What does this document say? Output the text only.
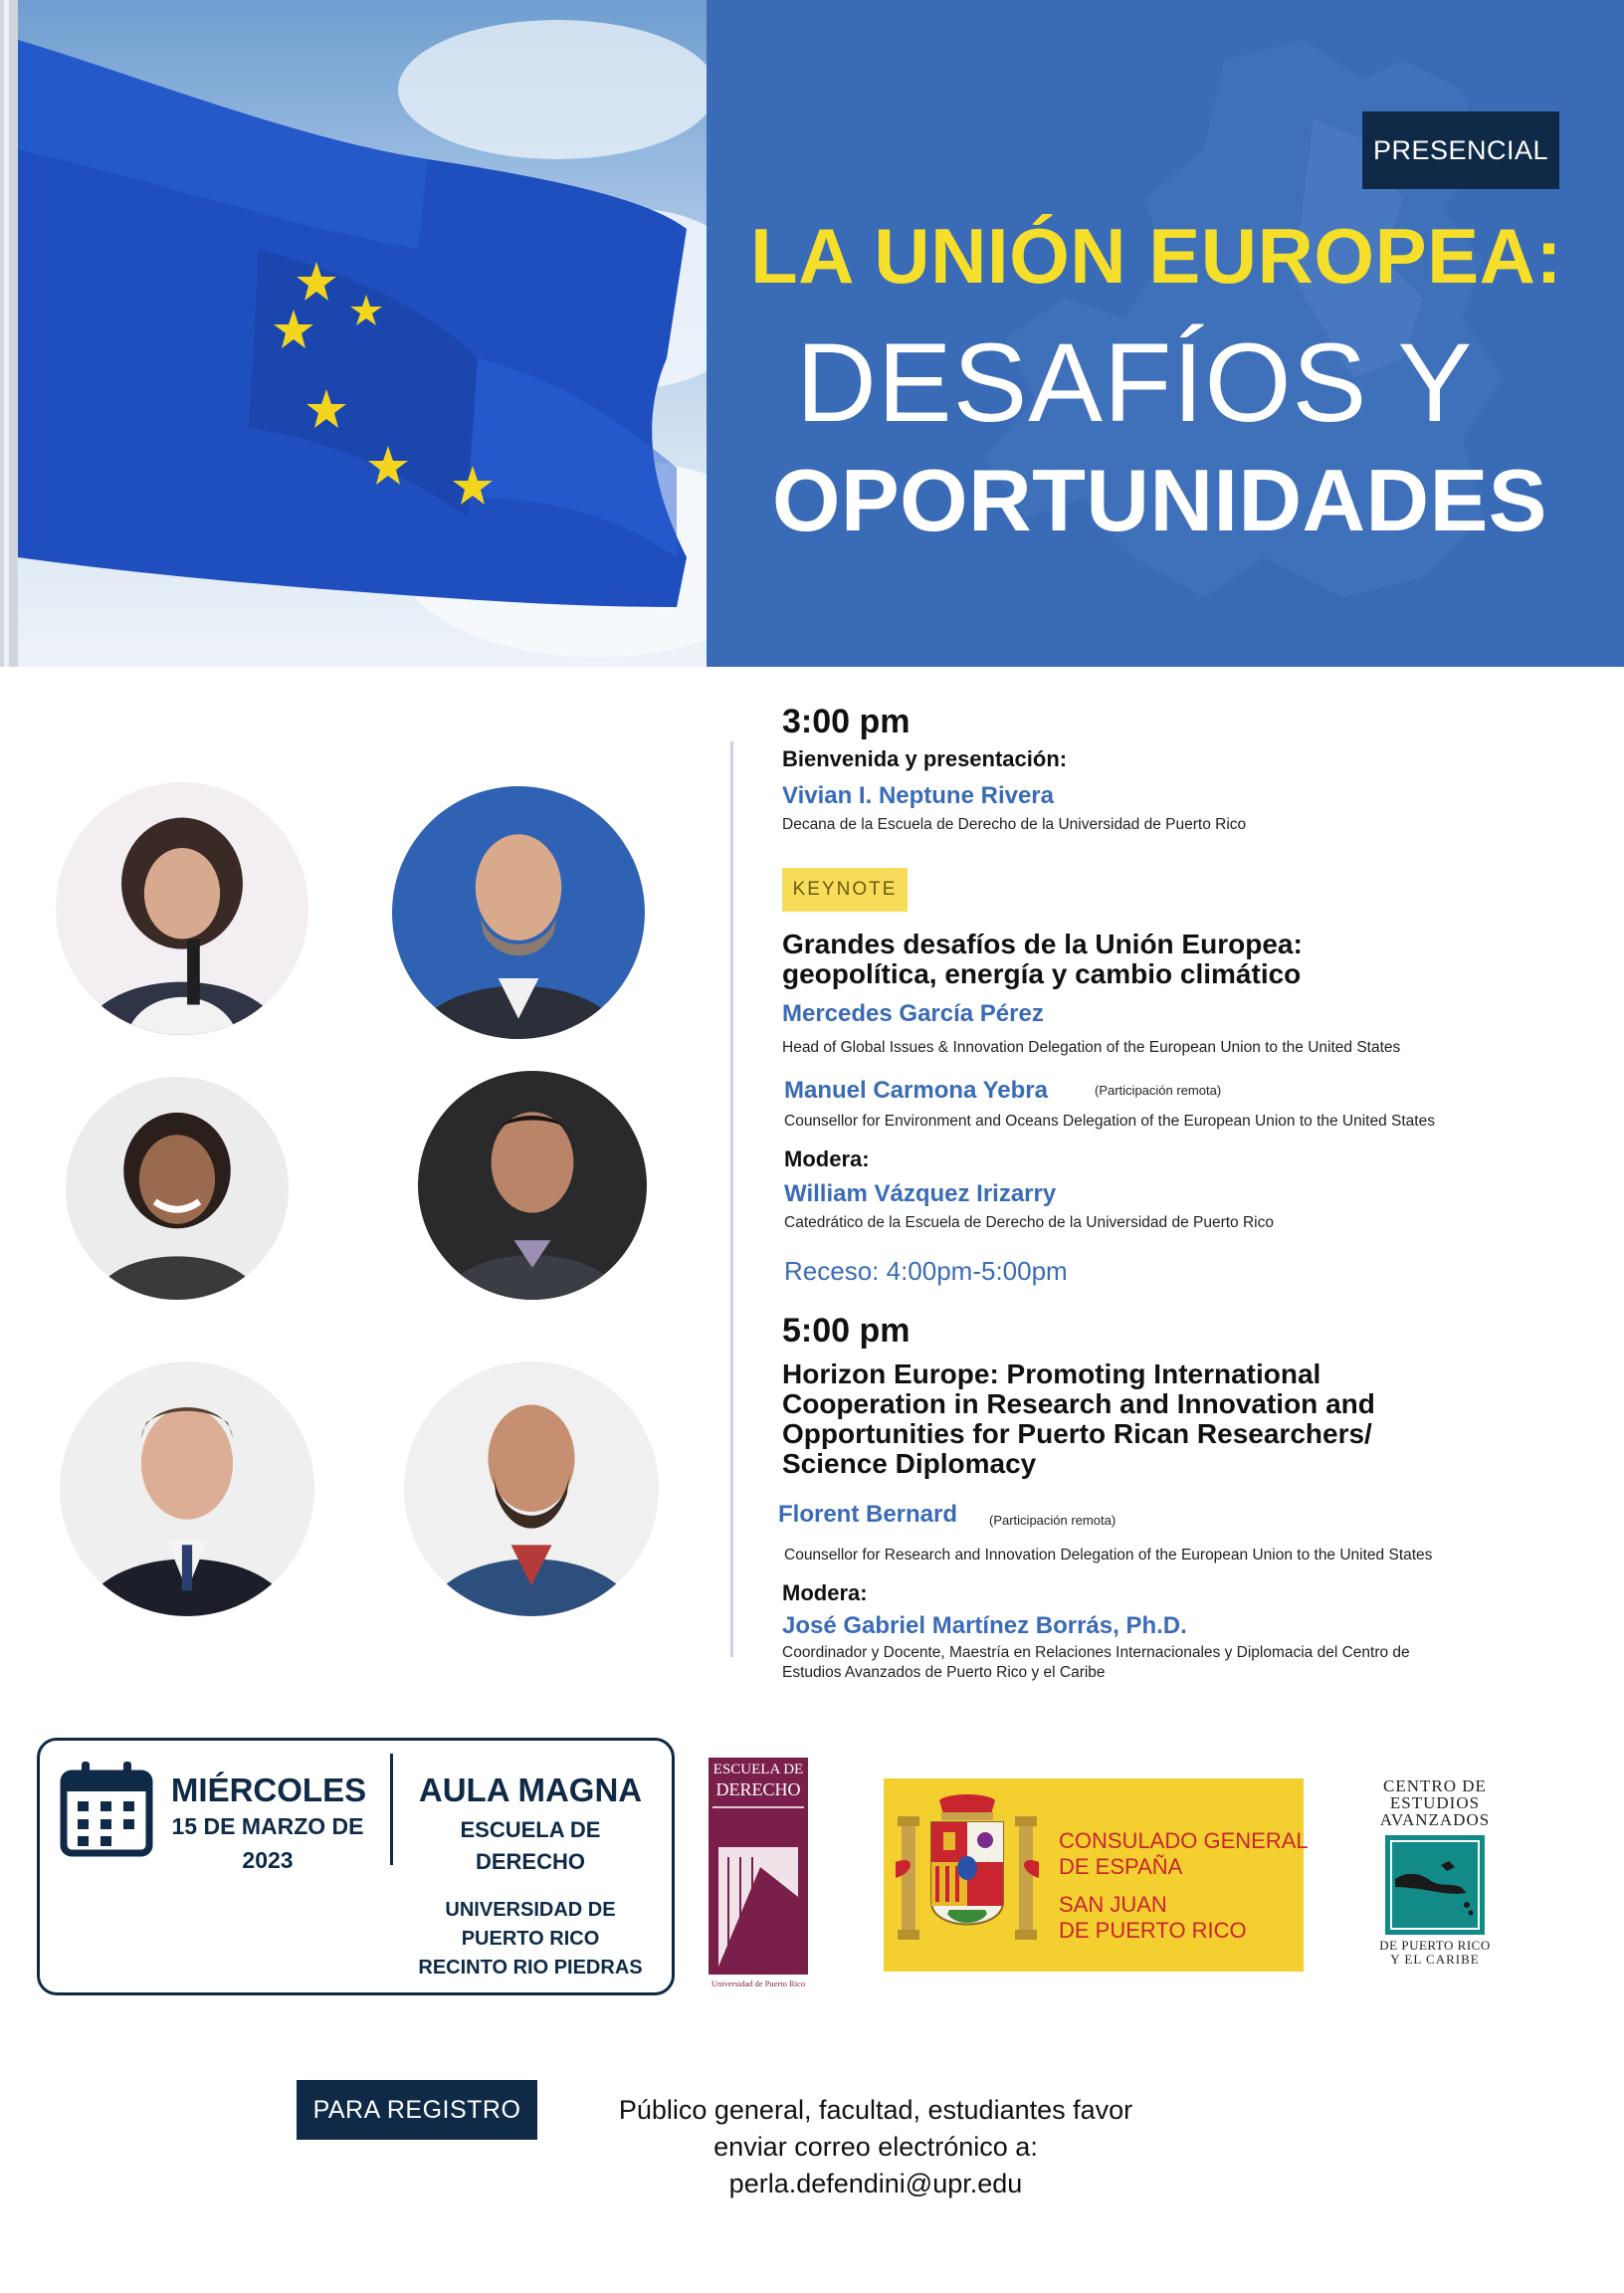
PRESENCIAL
LA UNIÓN EUROPEA:
DESAFÍOS Y
OPORTUNIDADES
3:00 pm
Bienvenida y presentación:
Vivian I. Neptune Rivera
Decana de la Escuela de Derecho de la Universidad de Puerto Rico
KEYNOTE
Grandes desafíos de la Unión Europea: geopolítica, energía y cambio climático
Mercedes García Pérez
Head of Global Issues & Innovation Delegation of the European Union to the United States
Manuel Carmona Yebra	(Participación remota)
Counsellor for Environment and Oceans Delegation of the European Union to the United States
Modera:
William Vázquez Irizarry
Catedrático de la Escuela de Derecho de la Universidad de Puerto Rico
Receso: 4:00pm-5:00pm
5:00 pm
Horizon Europe: Promoting International Cooperation in Research and Innovation and Opportunities for Puerto Rican Researchers/ Science Diplomacy
Florent Bernard (Participación remota)
Counsellor for Research and Innovation Delegation of the European Union to the United States
Modera:
José Gabriel Martínez Borrás, Ph.D.
Coordinador y Docente, Maestría en Relaciones Internacionales y Diplomacia del Centro de
Estudios Avanzados de Puerto Rico y el Caribe
MIÉRCOLES
15 DE MARZO DE
2023
AULA MAGNA
ESCUELA DE
DERECHO
UNIVERSIDAD DE
PUERTO RICO
RECINTO RIO PIEDRAS
ESCUELA DE
DERECHO
Universidad de Puerto Rico
CONSULADO GENERAL
DE ESPAÑA
SAN JUAN
DE PUERTO RICO
CENTRO DE
ESTUDIOS
AVANZADOS
DE PUERTO RICO
Y EL CARIBE
PARA REGISTRO	Público general, facultad, estudiantes favor
enviar correo electrónico a:
perla.defendini@upr.edu
